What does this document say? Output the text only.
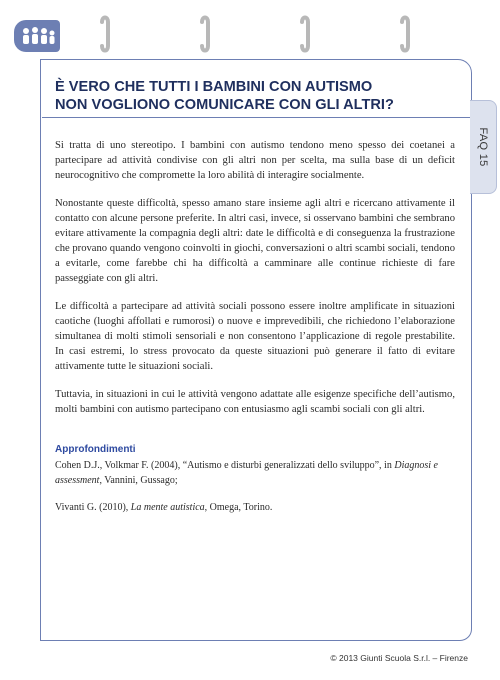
FAQ 15
È VERO CHE TUTTI I BAMBINI CON AUTISMO
NON VOGLIONO COMUNICARE CON GLI ALTRI?

Si tratta di uno stereotipo. I bambini con autismo tendono meno spesso dei coetanei a partecipare ad attività condivise con gli altri non per scelta, ma sulla base di un deficit neurocognitivo che compromette la loro abilità di interagire socialmente.

Nonostante queste difficoltà, spesso amano stare insieme agli altri e ricercano attivamente il contatto con alcune persone preferite. In altri casi, invece, si osservano bambini che sembrano evitare attivamente la compagnia degli altri: date le difficoltà e di conseguenza la frustrazione che provano quando vengono coinvolti in giochi, conversazioni o altri scambi sociali, tendono a evitarle, come farebbe chi ha difficoltà a camminare alle continue richieste di fare passeggiate con gli altri.

Le difficoltà a partecipare ad attività sociali possono essere inoltre amplificate in situazioni caotiche (luoghi affollati e rumorosi) o nuove e imprevedibili, che richiedono l’elaborazione simultanea di molti stimoli sensoriali e non consentono l’applicazione di regole prestabilite. In casi estremi, lo stress provocato da queste situazioni può generare il fatto di evitare attivamente tutte le situazioni sociali.

Tuttavia, in situazioni in cui le attività vengono adattate alle esigenze specifiche dell’autismo, molti bambini con autismo partecipano con entusiasmo agli scambi sociali con gli altri.

Approfondimenti

Cohen D.J., Volkmar F. (2004), “Autismo e disturbi generalizzati dello sviluppo”, in Diagnosi e assessment, Vannini, Gussago;

Vivanti G. (2010), La mente autistica, Omega, Torino.

© 2013 Giunti Scuola S.r.l. – Firenze
